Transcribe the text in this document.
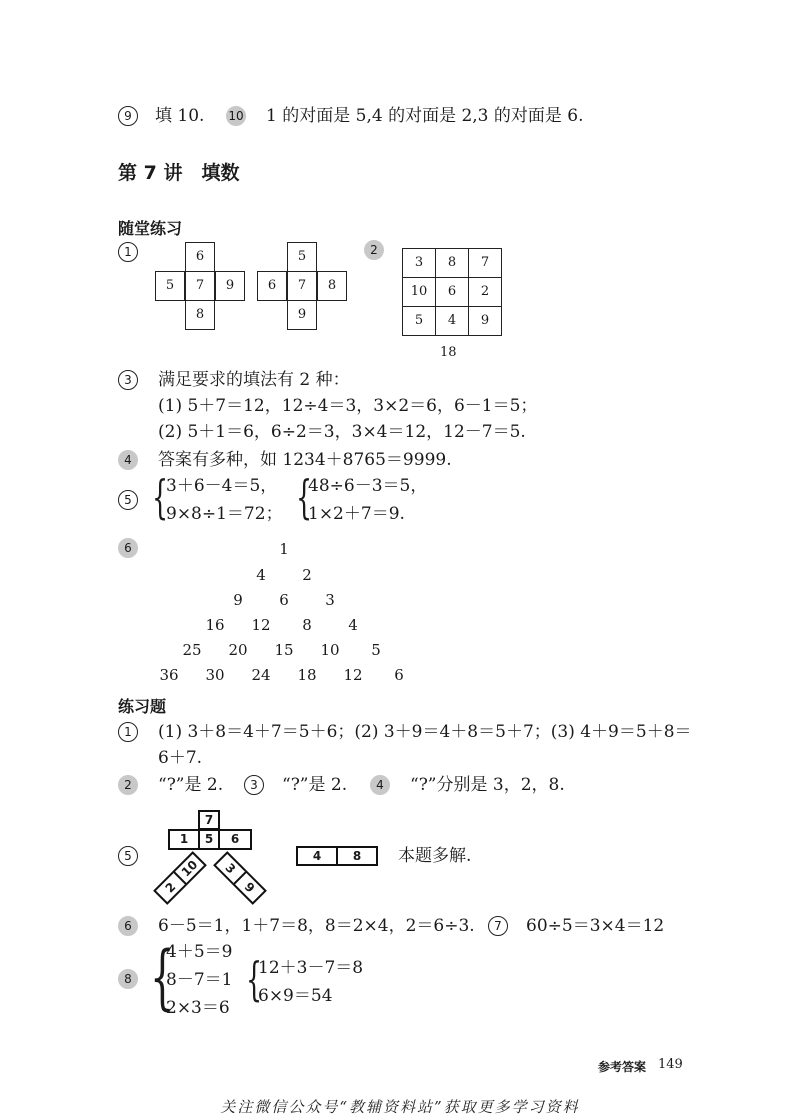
9	填 10. 10 1 的对面是 5,4 的对面是 2,3 的对面是 6.
第 7 讲　填数
随堂练习
1	6
5	7	9
8
5
6	7	8
9
2
3	8	7
10	6	2
5	4	9
18
3	满足要求的填法有 2 种：
(1) 5＋7＝12，12÷4＝3，3×2＝6，6－1＝5；
(2) 5＋1＝6，6÷2＝3，3×4＝12，12－7＝5.
4	答案有多种，如 1234＋8765＝9999.
5 {
3＋6－4＝5，
9×8÷1＝72； {
48÷6－3＝5，
1×2＋7＝9.
6	1
4	2
9	6	3
16	12	8	4
25	20	15	10	5
36	30	24	18	12	6
练习题
1	(1) 3＋8＝4＋7＝5＋6；(2) 3＋9＝4＋8＝5＋7；(3) 4＋9＝5＋8＝
6＋7.
2	“?”是 2.	3	“?”是 2.	4	“?”分别是 3，2，8.
5
7
1	5	6
2
10	3
9
4	8	本题多解.
6	6－5＝1，1＋7＝8，8＝2×4，2＝6÷3.	7	60÷5＝3×4＝12
8 {
4＋5＝9
8－7＝1
2×3＝6
{
12＋3－7＝8
6×9＝54
参考答案 149
关注微信公众号“教辅资料站”获取更多学习资料
